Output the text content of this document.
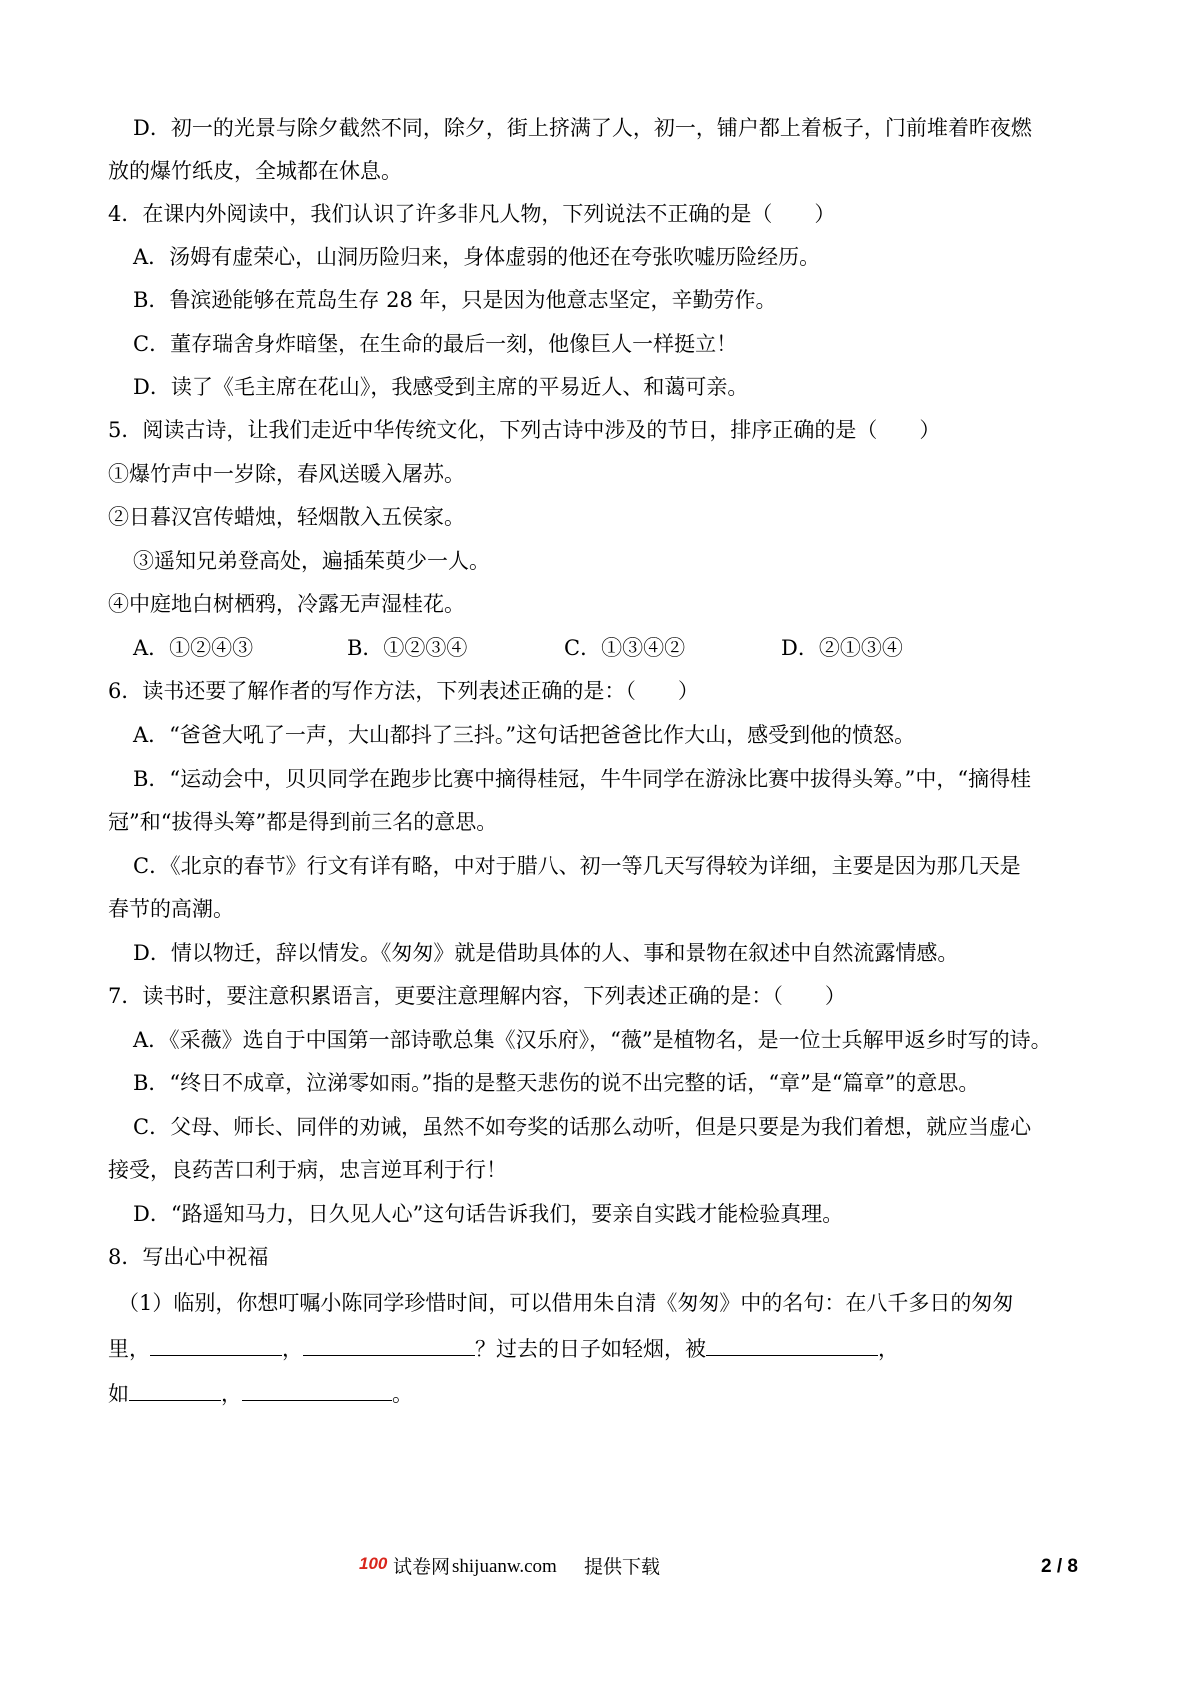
D．初一的光景与除夕截然不同，除夕，街上挤满了人，初一，铺户都上着板子，门前堆着昨夜燃
放的爆竹纸皮，全城都在休息。
4．在课内外阅读中，我们认识了许多非凡人物，下列说法不正确的是（　　）
A．汤姆有虚荣心，山洞历险归来，身体虚弱的他还在夸张吹嘘历险经历。
B．鲁滨逊能够在荒岛生存 28 年，只是因为他意志坚定，辛勤劳作。
C．董存瑞舍身炸暗堡，在生命的最后一刻，他像巨人一样挺立！
D．读了《毛主席在花山》，我感受到主席的平易近人、和蔼可亲。
5．阅读古诗，让我们走近中华传统文化，下列古诗中涉及的节日，排序正确的是（　　）
①爆竹声中一岁除，春风送暖入屠苏。
②日暮汉宫传蜡烛，轻烟散入五侯家。
③遥知兄弟登高处，遍插茱萸少一人。
④中庭地白树栖鸦，冷露无声湿桂花。
A．①②④③	B．①②③④	C．①③④②	D．②①③④
6．读书还要了解作者的写作方法，下列表述正确的是：（　　）
A．“爸爸大吼了一声，大山都抖了三抖。”这句话把爸爸比作大山，感受到他的愤怒。
B．“运动会中，贝贝同学在跑步比赛中摘得桂冠，牛牛同学在游泳比赛中拔得头筹。”中，“摘得桂
冠”和“拔得头筹”都是得到前三名的意思。
C．《北京的春节》行文有详有略，中对于腊八、初一等几天写得较为详细，主要是因为那几天是
春节的高潮。
D．情以物迁，辞以情发。《匆匆》就是借助具体的人、事和景物在叙述中自然流露情感。
7．读书时，要注意积累语言，更要注意理解内容，下列表述正确的是：（　　）
A．《采薇》选自于中国第一部诗歌总集《汉乐府》，“薇”是植物名，是一位士兵解甲返乡时写的诗。
B．“终日不成章，泣涕零如雨。”指的是整天悲伤的说不出完整的话，“章”是“篇章”的意思。
C．父母、师长、同伴的劝诫，虽然不如夸奖的话那么动听，但是只要是为我们着想，就应当虚心
接受，良药苦口利于病，忠言逆耳利于行！
D．“路遥知马力，日久见人心”这句话告诉我们，要亲自实践才能检验真理。
8．写出心中祝福
（1）临别，你想叮嘱小陈同学珍惜时间，可以借用朱自清《匆匆》中的名句：在八千多日的匆匆
里，	，	？过去的日子如轻烟，被	，
如	，	。
100 试卷网 shijuanw.com 提供下载	2 / 8
